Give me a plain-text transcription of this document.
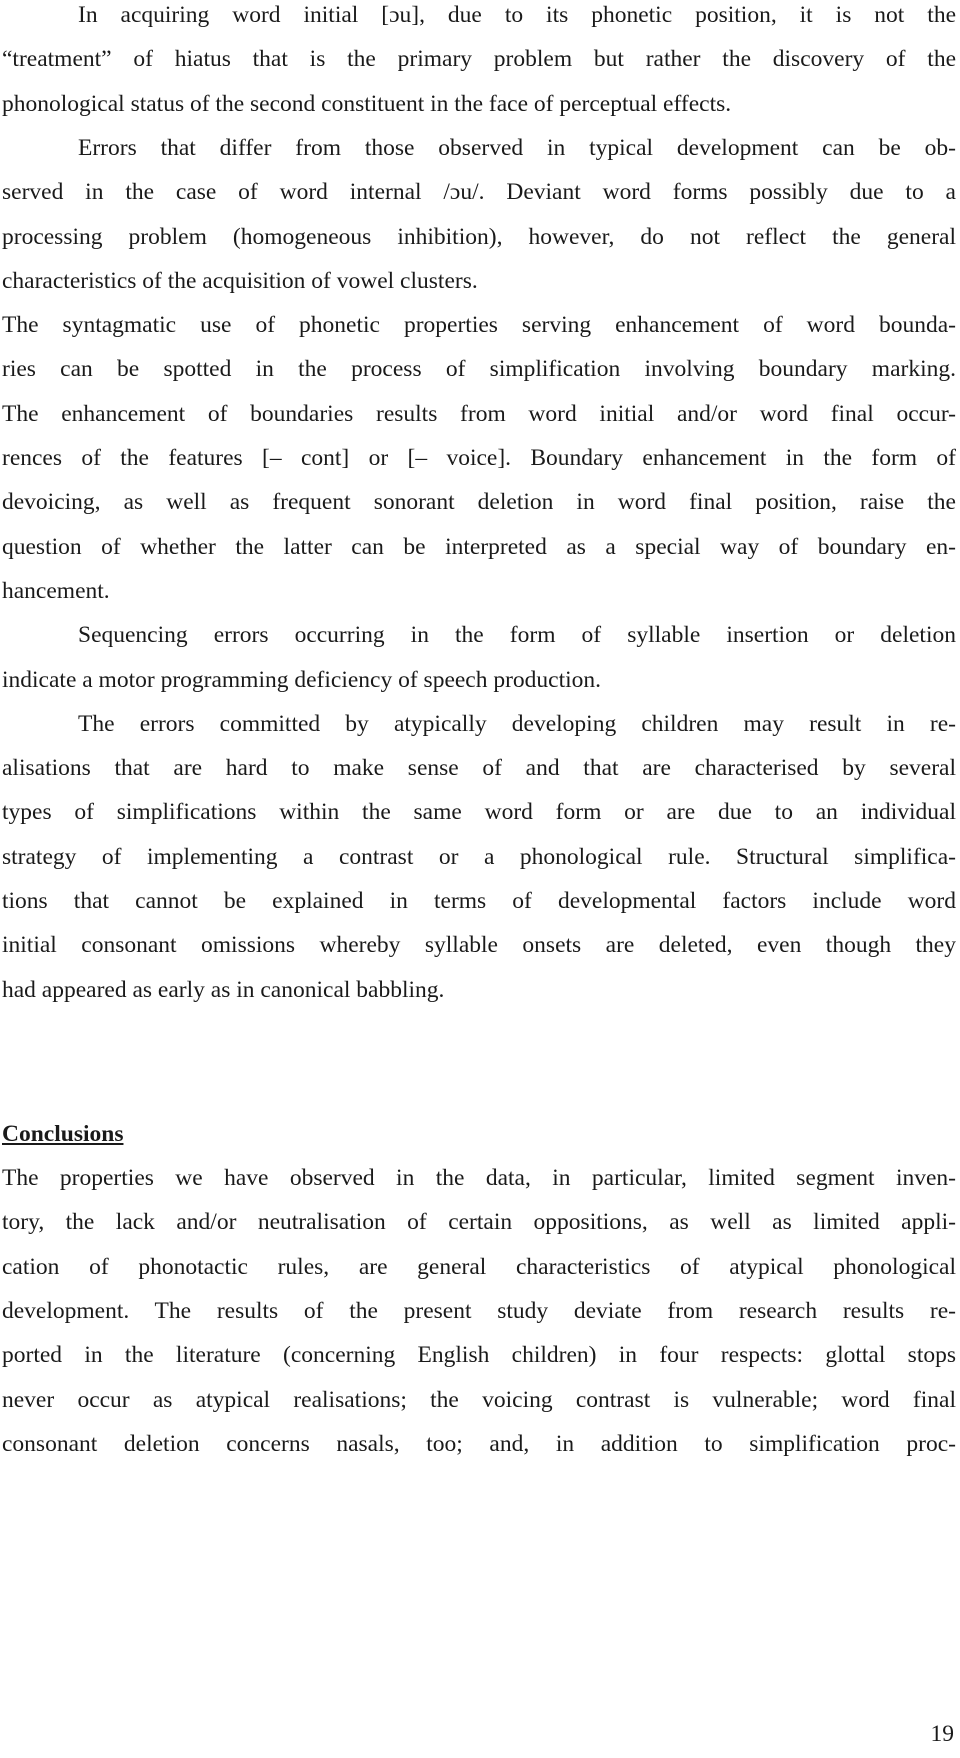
In acquiring word initial [ɔu], due to its phonetic position, it is not the
“treatment” of hiatus that is the primary problem but rather the discovery of the
phonological status of the second constituent in the face of perceptual effects.
Errors that differ from those observed in typical development can be ob-
served in the case of word internal /ɔu/. Deviant word forms possibly due to a
processing problem (homogeneous inhibition), however, do not reflect the general
characteristics of the acquisition of vowel clusters.
The syntagmatic use of phonetic properties serving enhancement of word bounda-
ries can be spotted in the process of simplification involving boundary marking.
The enhancement of boundaries results from word initial and/or word final occur-
rences of the features [– cont] or [– voice]. Boundary enhancement in the form of
devoicing, as well as frequent sonorant deletion in word final position, raise the
question of whether the latter can be interpreted as a special way of boundary en-
hancement.
Sequencing errors occurring in the form of syllable insertion or deletion
indicate a motor programming deficiency of speech production.
The errors committed by atypically developing children may result in re-
alisations that are hard to make sense of and that are characterised by several
types of simplifications within the same word form or are due to an individual
strategy of implementing a contrast or a phonological rule. Structural simplifica-
tions that cannot be explained in terms of developmental factors include word
initial consonant omissions whereby syllable onsets are deleted, even though they
had appeared as early as in canonical babbling.
Conclusions
The properties we have observed in the data, in particular, limited segment inven-
tory, the lack and/or neutralisation of certain oppositions, as well as limited appli-
cation of phonotactic rules, are general characteristics of atypical phonological
development. The results of the present study deviate from research results re-
ported in the literature (concerning English children) in four respects: glottal stops
never occur as atypical realisations; the voicing contrast is vulnerable; word final
consonant deletion concerns nasals, too; and, in addition to simplification proc-
19
